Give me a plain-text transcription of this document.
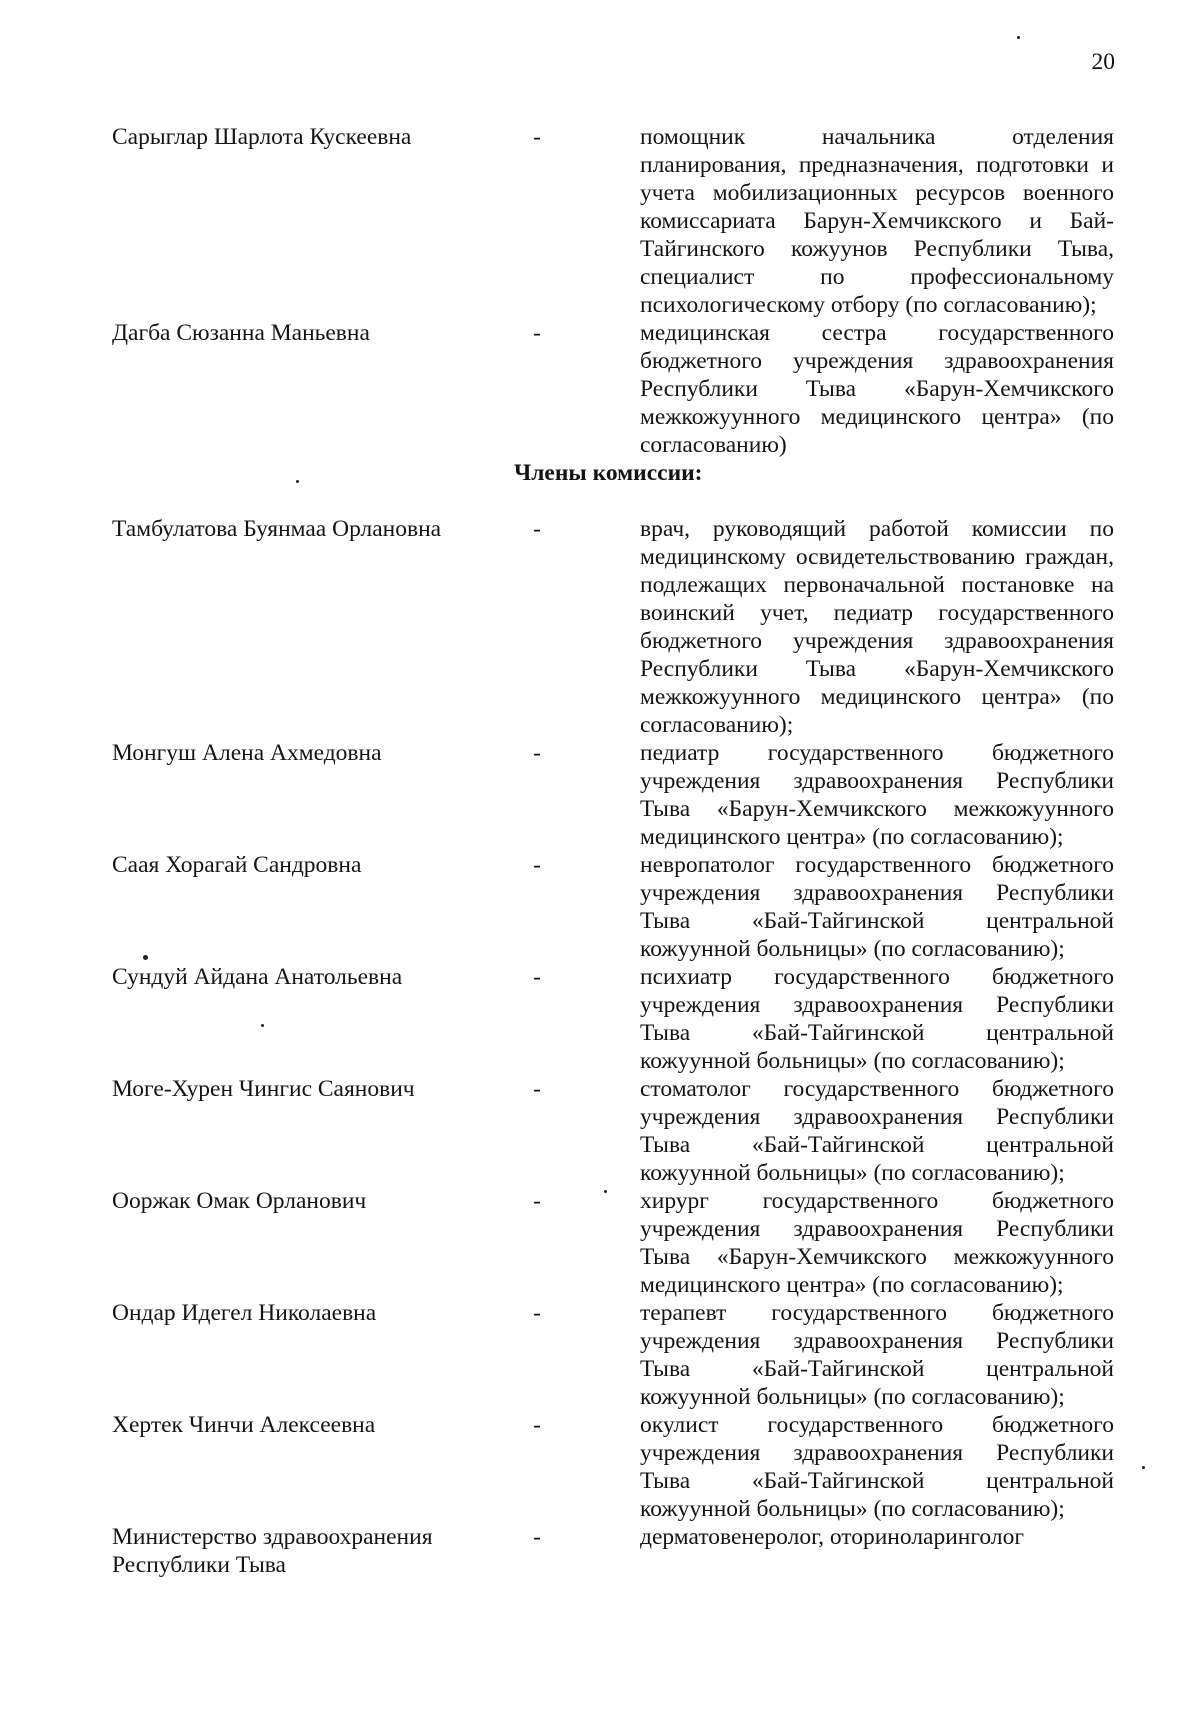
20
Сарыглар Шарлота Кускеевна	-	помощник начальника отделения планирования, предназначения, подготовки и учета мобилизационных ресурсов военного комиссариата Барун-Хемчикского и Бай-Тайгинского кожуунов Республики Тыва, специалист по профессиональному психологическому отбору (по согласованию);
Дагба Сюзанна Маньевна	-	медицинская сестра государственного бюджетного учреждения здравоохранения Республики Тыва «Барун-Хемчикского межкожуунного медицинского центра» (по согласованию)
Члены комиссии:
Тамбулатова Буянмаа Орлановна	-	врач, руководящий работой комиссии по медицинскому освидетельствованию граждан, подлежащих первоначальной постановке на воинский учет, педиатр государственного бюджетного учреждения здравоохранения Республики Тыва «Барун-Хемчикского межкожуунного медицинского центра» (по согласованию);
Монгуш Алена Ахмедовна	-	педиатр государственного бюджетного учреждения здравоохранения Республики Тыва «Барун-Хемчикского межкожуунного медицинского центра» (по согласованию);
Саая Хорагай Сандровна	-	невропатолог государственного бюджетного учреждения здравоохранения Республики Тыва «Бай-Тайгинской центральной кожуунной больницы» (по согласованию);
Сундуй Айдана Анатольевна	-	психиатр государственного бюджетного учреждения здравоохранения Республики Тыва «Бай-Тайгинской центральной кожуунной больницы» (по согласованию);
Моге-Хурен Чингис Саянович	-	стоматолог государственного бюджетного учреждения здравоохранения Республики Тыва «Бай-Тайгинской центральной кожуунной больницы» (по согласованию);
Ооржак Омак Орланович	-	хирург государственного бюджетного учреждения здравоохранения Республики Тыва «Барун-Хемчикского межкожуунного медицинского центра» (по согласованию);
Ондар Идегел Николаевна	-	терапевт государственного бюджетного учреждения здравоохранения Республики Тыва «Бай-Тайгинской центральной кожуунной больницы» (по согласованию);
Хертек Чинчи Алексеевна	-	окулист государственного бюджетного учреждения здравоохранения Республики Тыва «Бай-Тайгинской центральной кожуунной больницы» (по согласованию);
Министерство здравоохранения
Республики Тыва
-	дерматовенеролог, оториноларинголог
